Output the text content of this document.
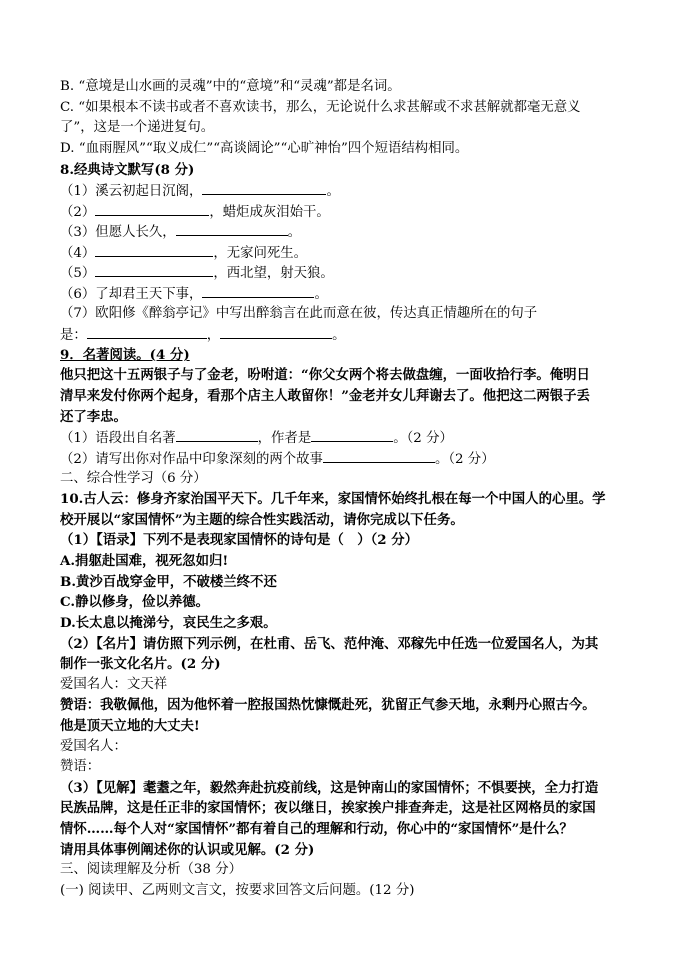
B. “意境是山水画的灵魂”中的“意境”和“灵魂”都是名词。
C. “如果根本不读书或者不喜欢读书，那么，无论说什么求甚解或不求甚解就都毫无意义
了”，这是一个递进复句。
D. “血雨腥风”“取义成仁”“高谈阔论”“心旷神怡”四个短语结构相同。
8.经典诗文默写(8 分)
（1）溪云初起日沉阁，	。
（2）	，蜡炬成灰泪始干。
（3）但愿人长久，	。
（4）	，无家问死生。
（5）	，西北望，射天狼。
（6）了却君王天下事，	。
（7）欧阳修《醉翁亭记》中写出醉翁言在此而意在彼，传达真正情趣所在的句子
是：	，	。
9．名著阅读。(4 分)
他只把这十五两银子与了金老，吩咐道：“你父女两个将去做盘缠，一面收拾行李。俺明日
清早来发付你两个起身，看那个店主人敢留你！”金老并女儿拜谢去了。他把这二两银子丢
还了李忠。
（1）语段出自名著	，作者是	。（2 分）
（2）请写出你对作品中印象深刻的两个故事	。（2 分）
二、综合性学习（6 分）
10.古人云：修身齐家治国平天下。几千年来，家国情怀始终扎根在每一个中国人的心里。学
校开展以“家国情怀”为主题的综合性实践活动，请你完成以下任务。
（1）【语录】下列不是表现家国情怀的诗句是（　）（2 分）
A.捐躯赴国难，视死忽如归!
B.黄沙百战穿金甲，不破楼兰终不还
C.静以修身，俭以养德。
D.长太息以掩涕兮，哀民生之多艰。
（2）【名片】请仿照下列示例，在杜甫、岳飞、范仲淹、邓稼先中任选一位爱国名人，为其
制作一张文化名片。(2 分)
爱国名人：文天祥
赞语：我敬佩他，因为他怀着一腔报国热忱慷慨赴死，犹留正气参天地，永剩丹心照古今。
他是顶天立地的大丈夫!
爱国名人：
赞语：
（3）【见解】耄耋之年，毅然奔赴抗疫前线，这是钟南山的家国情怀；不惧要挟，全力打造
民族品牌，这是任正非的家国情怀；夜以继日，挨家挨户排查奔走，这是社区网格员的家国
情怀……每个人对“家国情怀”都有着自己的理解和行动，你心中的“家国情怀”是什么？
请用具体事例阐述你的认识或见解。(2 分)
三、阅读理解及分析（38 分）
(一) 阅读甲、乙两则文言文，按要求回答文后问题。(12 分)
